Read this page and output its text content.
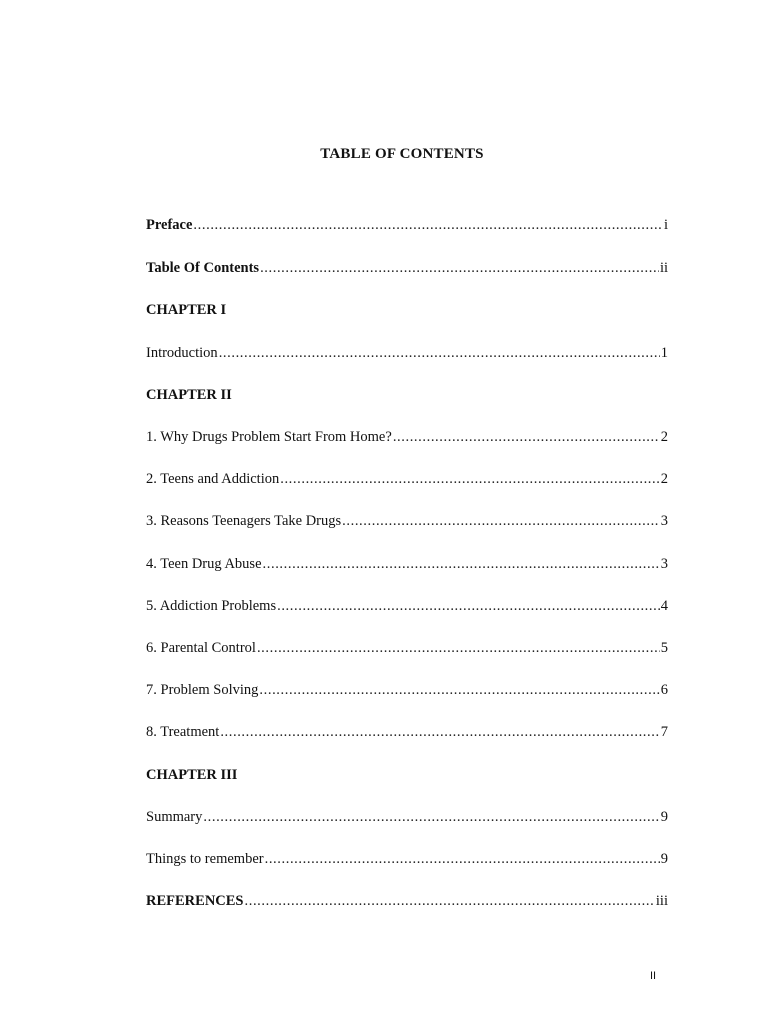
TABLE OF CONTENTS
Preface .....	i
Table Of Contents .....	ii
CHAPTER I
Introduction .....	1
CHAPTER II
1. Why Drugs Problem Start From Home? .....	2
2. Teens and Addiction .....	2
3. Reasons Teenagers Take Drugs .....	3
4. Teen Drug Abuse .....	3
5. Addiction Problems .....	4
6. Parental Control .....	5
7. Problem Solving .....	6
8. Treatment .....	7
CHAPTER III
Summary .....	9
Things to remember .....	9
REFERENCES .....	iii
II
